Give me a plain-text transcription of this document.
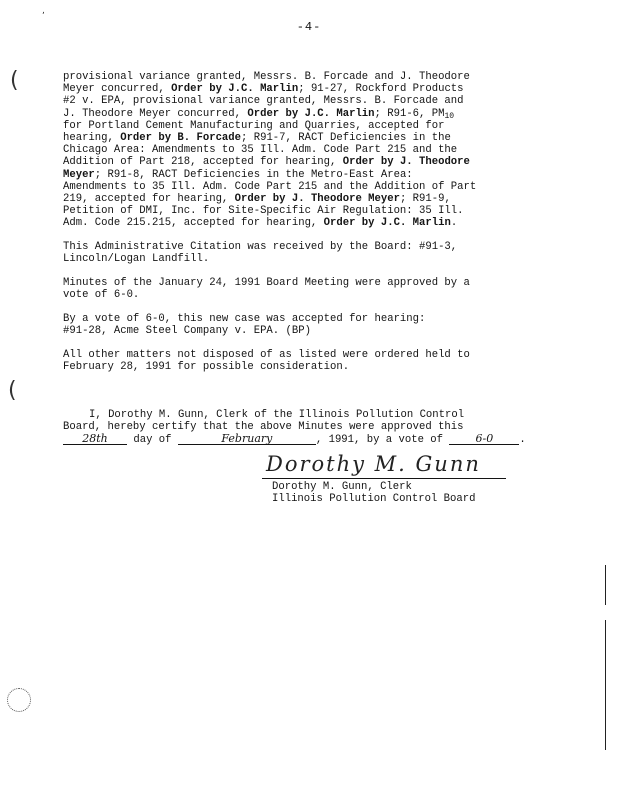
-4-
,
(
(
provisional variance granted, Messrs. B. Forcade and J. Theodore
Meyer concurred, Order by J.C. Marlin; 91-27, Rockford Products
#2 v. EPA, provisional variance granted, Messrs. B. Forcade and
J. Theodore Meyer concurred, Order by J.C. Marlin; R91-6, $PM_{10}$
for Portland Cement Manufacturing and Quarries, accepted for
hearing, Order by B. Forcade; R91-7, RACT Deficiencies in the
Chicago Area: Amendments to 35 Ill. Adm. Code Part 215 and the
Addition of Part 218, accepted for hearing, Order by J. Theodore
Meyer; R91-8, RACT Deficiencies in the Metro-East Area:
Amendments to 35 Ill. Adm. Code Part 215 and the Addition of Part
219, accepted for hearing, Order by J. Theodore Meyer; R91-9,
Petition of DMI, Inc. for Site-Specific Air Regulation: 35 Ill.
Adm. Code 215.215, accepted for hearing, Order by J.C. Marlin.
This Administrative Citation was received by the Board: #91-3,
Lincoln/Logan Landfill.
Minutes of the January 24, 1991 Board Meeting were approved by a
vote of 6-0.
By a vote of 6-0, this new case was accepted for hearing:
#91-28, Acme Steel Company v. EPA. (BP)
All other matters not disposed of as listed were ordered held to
February 28, 1991 for possible consideration.
I, Dorothy M. Gunn, Clerk of the Illinois Pollution Control
Board, hereby certify that the above Minutes were approved this
28th day of	February	, 1991, by a vote of	6-0 .
Dorothy M. Gunn
Dorothy M. Gunn, Clerk
Illinois Pollution Control Board
